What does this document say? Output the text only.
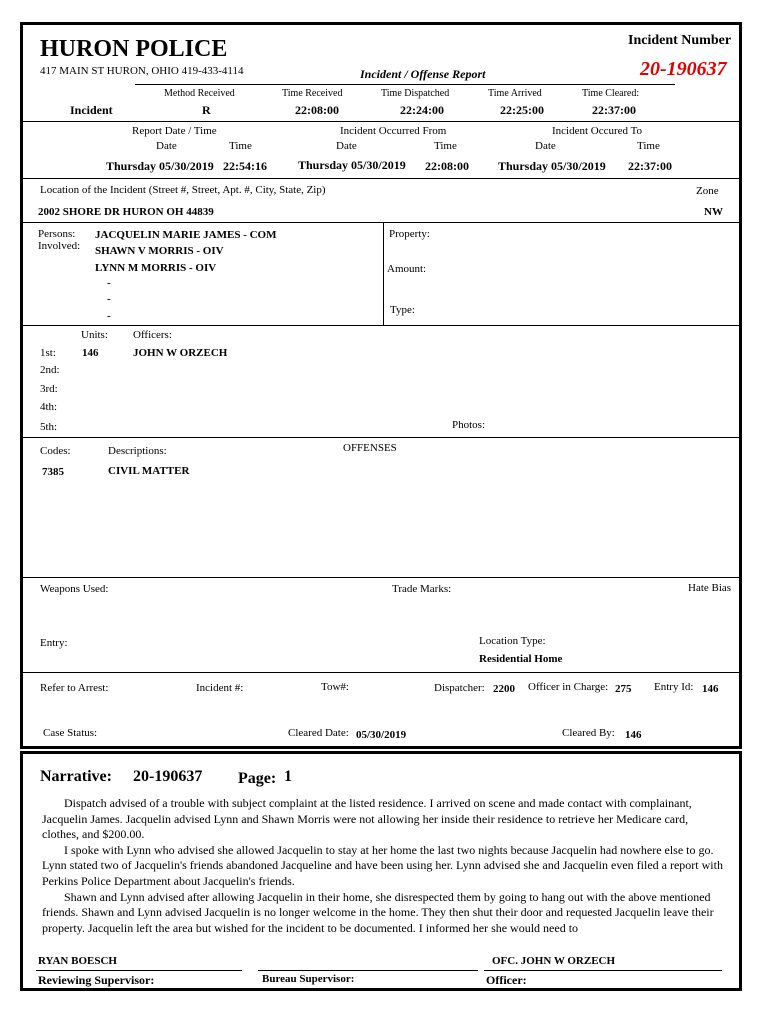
HURON POLICE
417 MAIN ST HURON, OHIO 419-433-4114	Incident / Offense Report
Incident Number
20-190637
Method Received	Time Received	Time Dispatched	Time Arrived	Time Cleared:
Incident	R	22:08:00	22:24:00	22:25:00	22:37:00
Report Date / Time
Date	Time
Thursday 05/30/2019 22:54:16
Incident Occurred From
Date	Time
Thursday 05/30/2019 22:08:00
Incident Occured To
Date	Time
Thursday 05/30/2019 22:37:00
Location of the Incident (Street #, Street, Apt. #, City, State, Zip)
2002 SHORE DR HURON OH 44839
Zone
NW
Persons:
Involved:
JACQUELIN MARIE JAMES - COM
SHAWN V MORRIS - OIV
LYNN M MORRIS - OIV
-
-
-
Property:
Amount:
Type:
Units: Officers:
1st: 146	JOHN W ORZECH
2nd:
3rd:
4th:
5th:	Photos:
Codes:	Descriptions:	OFFENSES
7385	CIVIL MATTER
Weapons Used:	Trade Marks:	Hate Bias
Entry:	Location Type:
Residential Home
Refer to Arrest:	Incident #:	Tow#:	Dispatcher: 2200 Officer in Charge: 275 Entry Id: 146
Case Status:	Cleared Date: 05/30/2019	Cleared By: 146
Narrative: 20-190637 Page: 1

Dispatch advised of a trouble with subject complaint at the listed residence. I arrived on scene and made contact with complainant, Jacquelin James. Jacquelin advised Lynn and Shawn Morris were not allowing her inside their residence to retrieve her Medicare card, clothes, and $200.00.

I spoke with Lynn who advised she allowed Jacquelin to stay at her home the last two nights because Jacquelin had nowhere else to go. Lynn stated two of Jacquelin's friends abandoned Jacqueline and have been using her. Lynn advised she and Jacquelin even filed a report with Perkins Police Department about Jacquelin's friends.

Shawn and Lynn advised after allowing Jacquelin in their home, she disrespected them by going to hang out with the above mentioned friends. Shawn and Lynn advised Jacquelin is no longer welcome in the home. They then shut their door and requested Jacquelin leave their property. Jacquelin left the area but wished for the incident to be documented. I informed her she would need to

RYAN BOESCH
Reviewing Supervisor:	Bureau Supervisor:
OFC. JOHN W ORZECH
Officer:
